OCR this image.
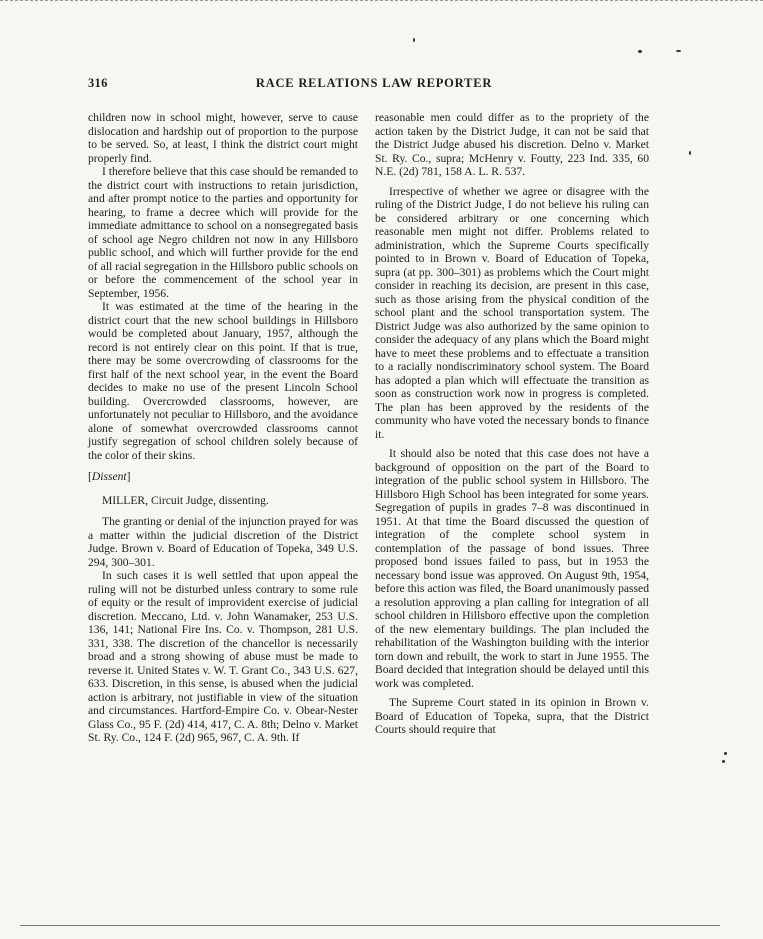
316	RACE RELATIONS LAW REPORTER

children now in school might, however, serve to cause dislocation and hardship out of proportion to the purpose to be served. So, at least, I think the district court might properly find.

I therefore believe that this case should be remanded to the district court with instructions to retain jurisdiction, and after prompt notice to the parties and opportunity for hearing, to frame a decree which will provide for the immediate admittance to school on a nonsegregated basis of school age Negro children not now in any Hillsboro public school, and which will further provide for the end of all racial segregation in the Hillsboro public schools on or before the commencement of the school year in September, 1956.

It was estimated at the time of the hearing in the district court that the new school buildings in Hillsboro would be completed about January, 1957, although the record is not entirely clear on this point. If that is true, there may be some overcrowding of classrooms for the first half of the next school year, in the event the Board decides to make no use of the present Lincoln School building. Overcrowded classrooms, however, are unfortunately not peculiar to Hillsboro, and the avoidance alone of somewhat overcrowded classrooms cannot justify segregation of school children solely because of the color of their skins.

[Dissent]

MILLER, Circuit Judge, dissenting.

The granting or denial of the injunction prayed for was a matter within the judicial discretion of the District Judge. Brown v. Board of Education of Topeka, 349 U.S. 294, 300–301.

In such cases it is well settled that upon appeal the ruling will not be disturbed unless contrary to some rule of equity or the result of improvident exercise of judicial discretion. Meccano, Ltd. v. John Wanamaker, 253 U.S. 136, 141; National Fire Ins. Co. v. Thompson, 281 U.S. 331, 338. The discretion of the chancellor is necessarily broad and a strong showing of abuse must be made to reverse it. United States v. W. T. Grant Co., 343 U.S. 627, 633. Discretion, in this sense, is abused when the judicial action is arbitrary, not justifiable in view of the situation and circumstances. Hartford-Empire Co. v. Obear-Nester Glass Co., 95 F. (2d) 414, 417, C. A. 8th; Delno v. Market St. Ry. Co., 124 F. (2d) 965, 967, C. A. 9th. If

reasonable men could differ as to the propriety of the action taken by the District Judge, it can not be said that the District Judge abused his discretion. Delno v. Market St. Ry. Co., supra; McHenry v. Foutty, 223 Ind. 335, 60 N.E. (2d) 781, 158 A. L. R. 537.

Irrespective of whether we agree or disagree with the ruling of the District Judge, I do not believe his ruling can be considered arbitrary or one concerning which reasonable men might not differ. Problems related to administration, which the Supreme Courts specifically pointed to in Brown v. Board of Education of Topeka, supra (at pp. 300–301) as problems which the Court might consider in reaching its decision, are present in this case, such as those arising from the physical condition of the school plant and the school transportation system. The District Judge was also authorized by the same opinion to consider the adequacy of any plans which the Board might have to meet these problems and to effectuate a transition to a racially nondiscriminatory school system. The Board has adopted a plan which will effectuate the transition as soon as construction work now in progress is completed. The plan has been approved by the residents of the community who have voted the necessary bonds to finance it.

It should also be noted that this case does not have a background of opposition on the part of the Board to integration of the public school system in Hillsboro. The Hillsboro High School has been integrated for some years. Segregation of pupils in grades 7–8 was discontinued in 1951. At that time the Board discussed the question of integration of the complete school system in contemplation of the passage of bond issues. Three proposed bond issues failed to pass, but in 1953 the necessary bond issue was approved. On August 9th, 1954, before this action was filed, the Board unanimously passed a resolution approving a plan calling for integration of all school children in Hillsboro effective upon the completion of the new elementary buildings. The plan included the rehabilitation of the Washington building with the interior torn down and rebuilt, the work to start in June 1955. The Board decided that integration should be delayed until this work was completed.

The Supreme Court stated in its opinion in Brown v. Board of Education of Topeka, supra, that the District Courts should require that
